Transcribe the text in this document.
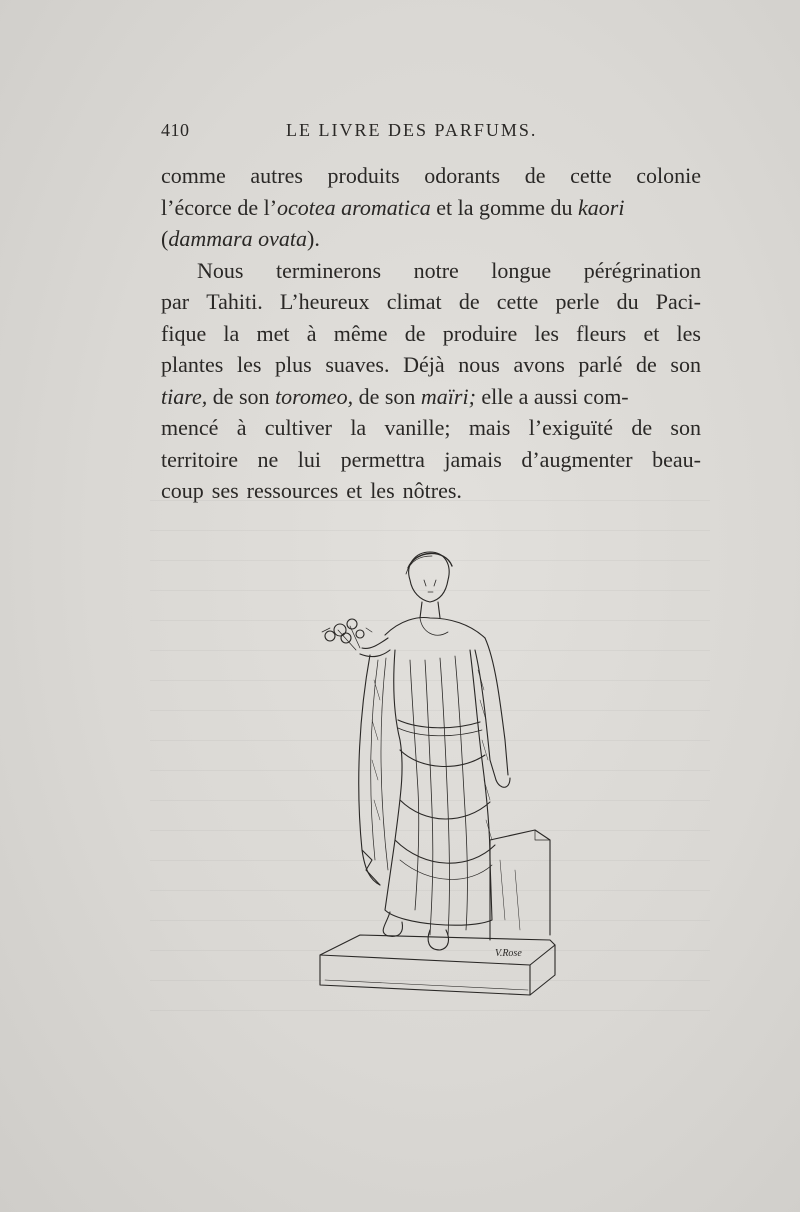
410	LE LIVRE DES PARFUMS.
comme autres produits odorants de cette colonie
l’écorce de l’ ocotea aromatica et la gomme du kaori
( dammara ovata ).
Nous terminerons notre longue pérégrination
par Tahiti. L’heureux climat de cette perle du Paci-
fique la met à même de produire les fleurs et les
plantes les plus suaves. Déjà nous avons parlé de son
tiare, de son toromeo, de son maïri; elle a aussi com-
mencé à cultiver la vanille; mais l’exiguïté de son
territoire ne lui permettra jamais d’augmenter beau-
coup ses ressources et les nôtres.
V.Rose
